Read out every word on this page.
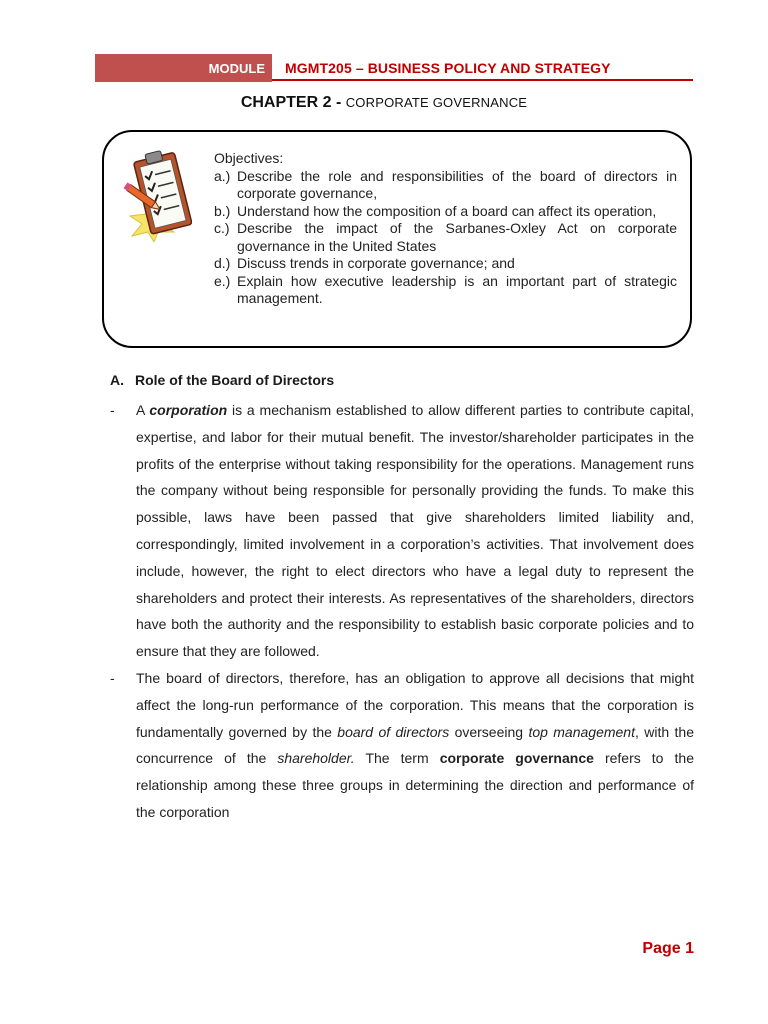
MODULE	MGMT205 – BUSINESS POLICY AND STRATEGY
CHAPTER 2 - CORPORATE GOVERNANCE
Objectives:
a.) Describe the role and responsibilities of the board of directors in corporate governance,
b.) Understand how the composition of a board can affect its operation,
c.) Describe the impact of the Sarbanes-Oxley Act on corporate governance in the United States
d.) Discuss trends in corporate governance; and
e.) Explain how executive leadership is an important part of strategic management.
A. Role of the Board of Directors
- A corporation is a mechanism established to allow different parties to contribute capital, expertise, and labor for their mutual benefit. The investor/shareholder participates in the profits of the enterprise without taking responsibility for the operations. Management runs the company without being responsible for personally providing the funds. To make this possible, laws have been passed that give shareholders limited liability and, correspondingly, limited involvement in a corporation’s activities. That involvement does include, however, the right to elect directors who have a legal duty to represent the shareholders and protect their interests. As representatives of the shareholders, directors have both the authority and the responsibility to establish basic corporate policies and to ensure that they are followed.
- The board of directors, therefore, has an obligation to approve all decisions that might affect the long-run performance of the corporation. This means that the corporation is fundamentally governed by the board of directors overseeing top management, with the concurrence of the shareholder. The term corporate governance refers to the relationship among these three groups in determining the direction and performance of the corporation
Page 1
